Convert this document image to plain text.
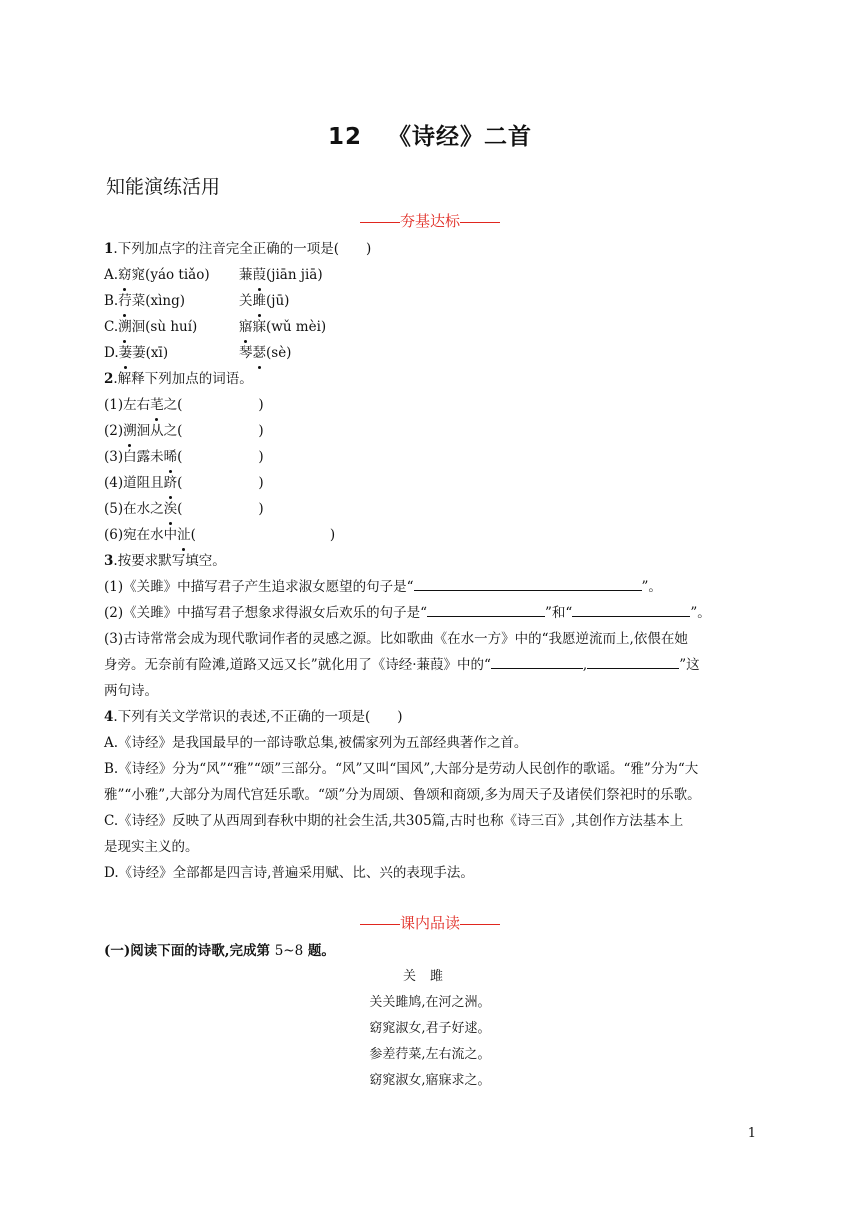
12 《诗经》二首
知能演练活用
夯基达标
1.下列加点字的注音完全正确的一项是(　　)
A.窈窕(yáo tiǎo) 蒹葭(jiān jiā)
B.荇菜(xìng)	关雎(jū)
C.溯洄(sù huí)	寤寐(wǔ mèi)
D.萋萋(xī)	琴瑟(sè)
2.解释下列加点的词语。
(1)左右芼之(	)
(2)溯洄从之(	)
(3)白露未晞(	)
(4)道阻且跻(	)
(5)在水之涘(	)
(6)宛在水中沚(	)
3.按要求默写填空。
(1)《关雎》中描写君子产生追求淑女愿望的句子是“	”。
(2)《关雎》中描写君子想象求得淑女后欢乐的句子是“	”和“	”。
(3)古诗常常会成为现代歌词作者的灵感之源。比如歌曲《在水一方》中的“我愿逆流而上,依偎在她
身旁。无奈前有险滩,道路又远又长”就化用了《诗经·蒹葭》中的“	,	”这
两句诗。
4.下列有关文学常识的表述,不正确的一项是(　　)
A.《诗经》是我国最早的一部诗歌总集,被儒家列为五部经典著作之首。
B.《诗经》分为“风”“雅”“颂”三部分。“风”又叫“国风”,大部分是劳动人民创作的歌谣。“雅”分为“大
雅”“小雅”,大部分为周代宫廷乐歌。“颂”分为周颂、鲁颂和商颂,多为周天子及诸侯们祭祀时的乐歌。
C.《诗经》反映了从西周到春秋中期的社会生活,共305篇,古时也称《诗三百》,其创作方法基本上
是现实主义的。
D.《诗经》全部都是四言诗,普遍采用赋、比、兴的表现手法。
课内品读
(一)阅读下面的诗歌,完成第 5~8 题。
关雎
关关雎鸠,在河之洲。
窈窕淑女,君子好逑。
参差荇菜,左右流之。
窈窕淑女,寤寐求之。
1
